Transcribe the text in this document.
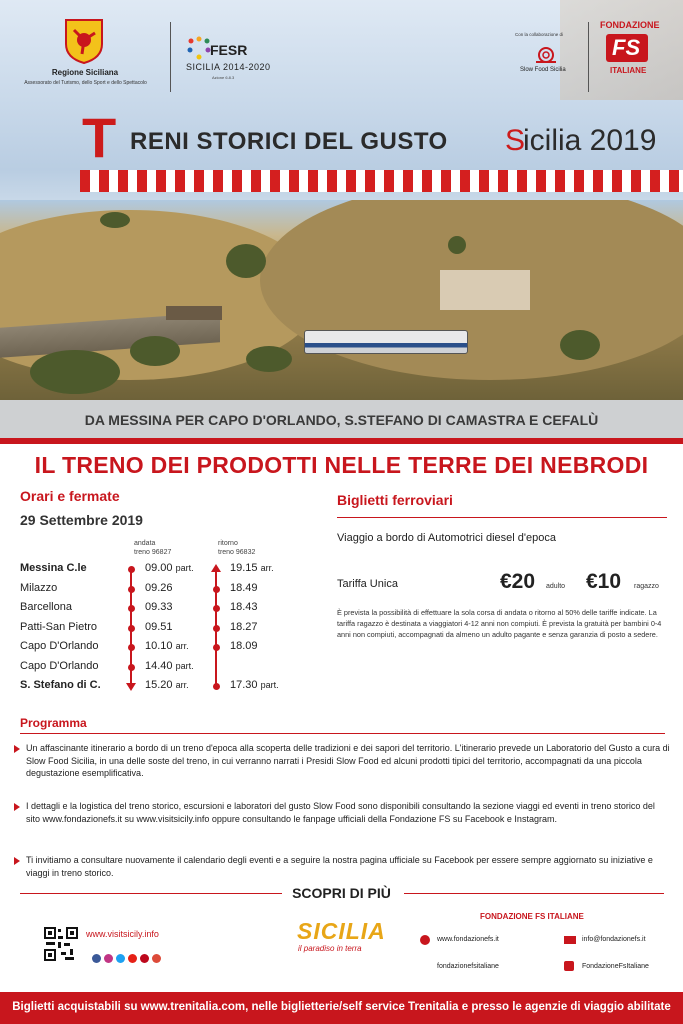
Regione Siciliana
Assessorato del Turismo, dello Sport e dello Spettacolo
FESR
SICILIA 2014-2020
Azione 6.8.3
Con la collaborazione di
Slow Food Sicilia
FONDAZIONE
FS
ITALIANE
T RENI STORICI DEL GUSTO S
icilia 2019
DA MESSINA PER CAPO D'ORLANDO, S.STEFANO DI CAMASTRA E CEFALÙ
IL TRENO DEI PRODOTTI NELLE TERRE DEI NEBRODI
Orari e fermate
29 Settembre 2019
andata
treno 96827
ritorno
treno 96832
Messina C.le	09.00 part.	19.15 arr.
Milazzo	09.26	18.49
Barcellona	09.33	18.43
Patti-San Pietro	09.51	18.27
Capo D'Orlando	10.10 arr.	18.09
Capo D'Orlando	14.40 part.
S. Stefano di C.	15.20 arr.	17.30 part.
Biglietti ferroviari
Viaggio a bordo di Automotrici diesel d'epoca
Tariffa Unica	€20 adulto €10 ragazzo
È prevista la possibilità di effettuare la sola corsa di andata o ritorno al 50% delle tariffe indicate. La tariffa ragazzo è destinata a viaggiatori 4-12 anni non compiuti. È prevista la gratuità per bambini 0-4 anni non compiuti, accompagnati da almeno un adulto pagante e senza garanzia di posto a sedere.
Programma
Un affascinante itinerario a bordo di un treno d'epoca alla scoperta delle tradizioni e dei sapori del territorio. L'itinerario prevede un Laboratorio del Gusto a cura di Slow Food Sicilia, in una delle soste del treno, in cui verranno narrati i Presidi Slow Food ed alcuni prodotti tipici del territorio, accompagnati da una piccola degustazione esemplificativa.
I dettagli e la logistica del treno storico, escursioni e laboratori del gusto Slow Food sono disponibili consultando la sezione viaggi ed eventi in treno storico del sito www.fondazionefs.it su www.visitsicily.info oppure consultando le fanpage ufficiali della Fondazione FS su Facebook e Instagram.
Ti invitiamo a consultare nuovamente il calendario degli eventi e a seguire la nostra pagina ufficiale su Facebook per essere sempre aggiornato su iniziative e viaggi in treno storico.
SCOPRI DI PIÙ
www.visitsicily.info	SICILIA
il paradiso in terra
FONDAZIONE FS ITALIANE
www.fondazionefs.it	info@fondazionefs.it
fondazionefsitaliane	FondazioneFsItaliane
Biglietti acquistabili su www.trenitalia.com, nelle biglietterie/self service Trenitalia e presso le agenzie di viaggio abilitate
